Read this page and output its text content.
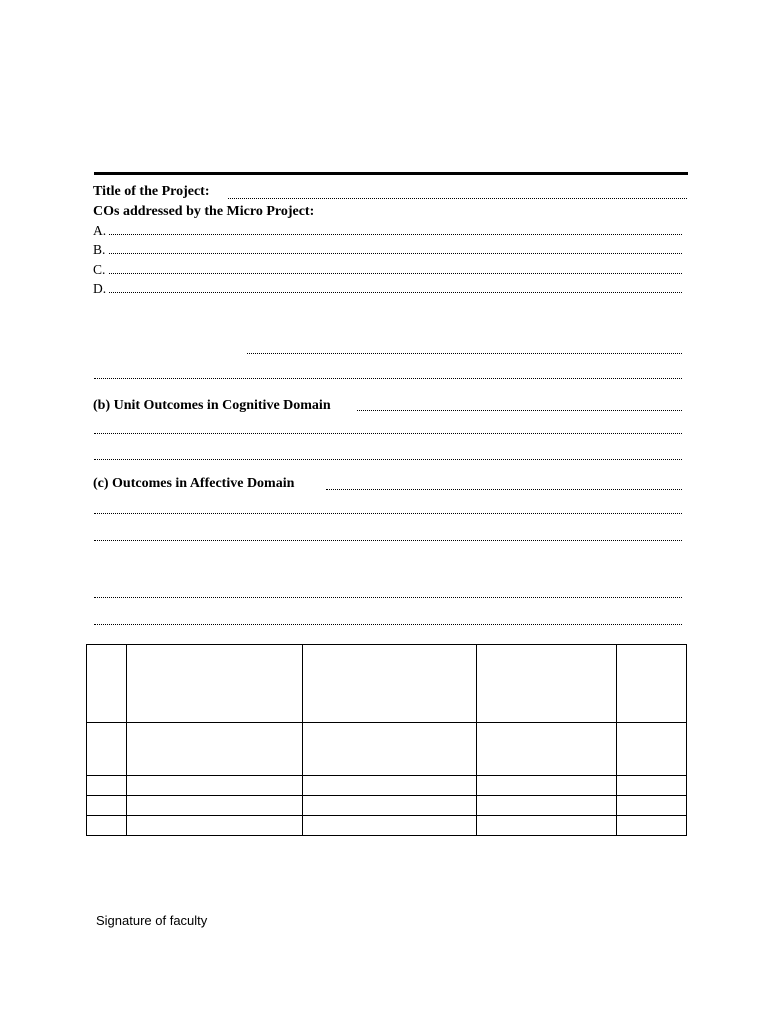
Title of the Project:
COs addressed by the Micro Project:
A.
B.
C.
D.
(b) Unit Outcomes in Cognitive Domain
(c) Outcomes in Affective Domain

Signature of faculty
